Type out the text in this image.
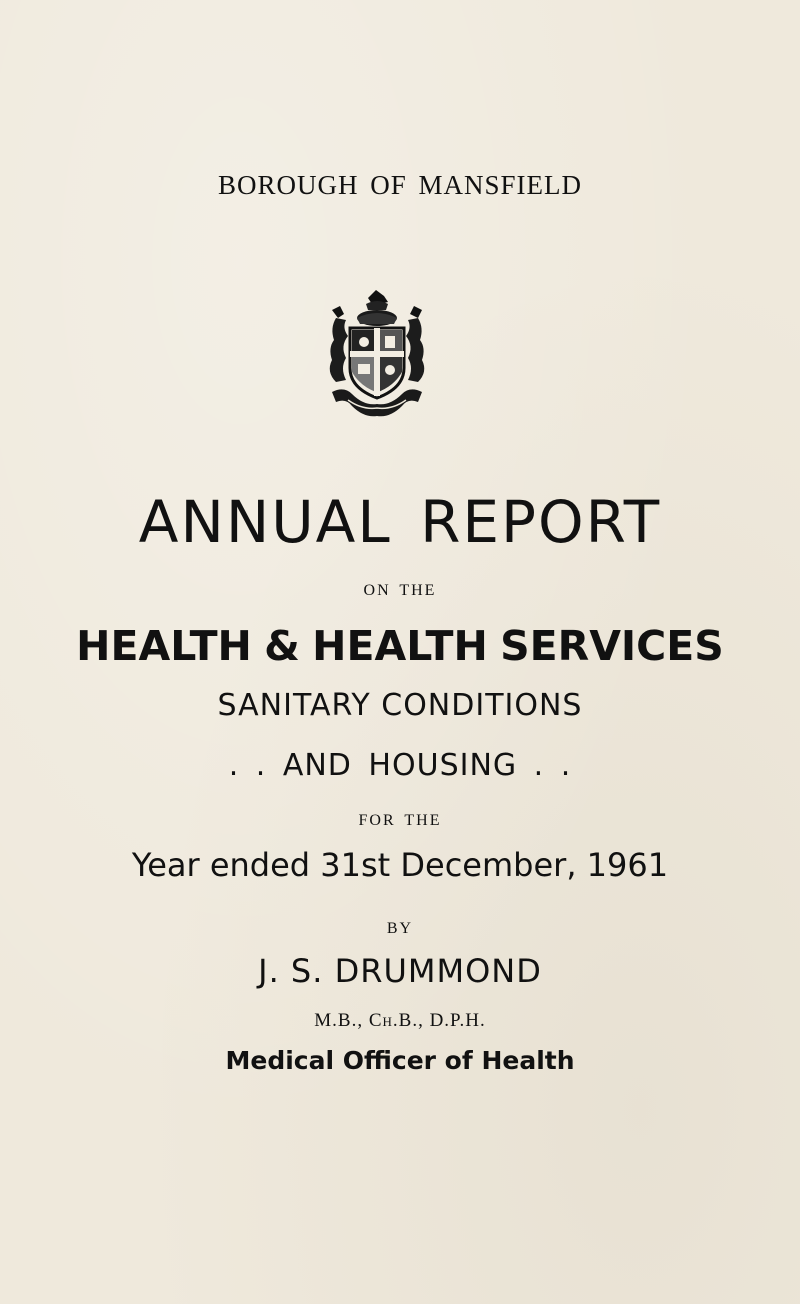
BOROUGH OF MANSFIELD
ANNUAL REPORT
ON THE
HEALTH & HEALTH SERVICES
SANITARY CONDITIONS
. . AND HOUSING . .
FOR THE
Year ended 31st December, 1961
BY
J. S. DRUMMOND
M.B., Ch.B., D.P.H.
Medical Officer of Health
